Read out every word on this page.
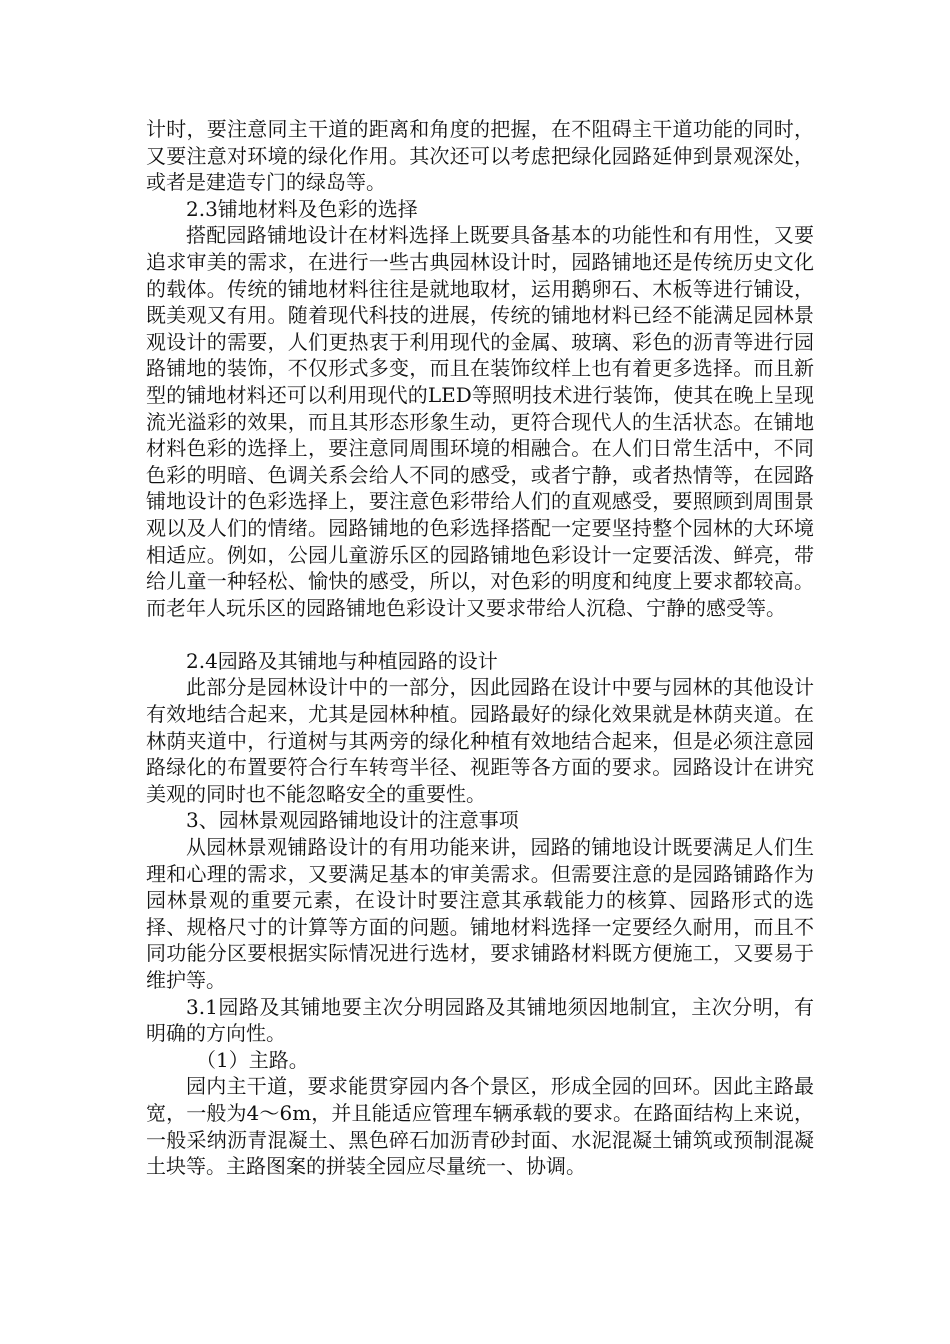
计时，要注意同主干道的距离和角度的把握，在不阻碍主干道功能的同时，又要注意对环境的绿化作用。其次还可以考虑把绿化园路延伸到景观深处，或者是建造专门的绿岛等。

2.3铺地材料及色彩的选择

搭配园路铺地设计在材料选择上既要具备基本的功能性和有用性，又要追求审美的需求，在进行一些古典园林设计时，园路铺地还是传统历史文化的载体。传统的铺地材料往往是就地取材，运用鹅卵石、木板等进行铺设，既美观又有用。随着现代科技的进展，传统的铺地材料已经不能满足园林景观设计的需要，人们更热衷于利用现代的金属、玻璃、彩色的沥青等进行园路铺地的装饰，不仅形式多变，而且在装饰纹样上也有着更多选择。而且新型的铺地材料还可以利用现代的LED等照明技术进行装饰，使其在晚上呈现流光溢彩的效果，而且其形态形象生动，更符合现代人的生活状态。在铺地材料色彩的选择上，要注意同周围环境的相融合。在人们日常生活中，不同色彩的明暗、色调关系会给人不同的感受，或者宁静，或者热情等，在园路铺地设计的色彩选择上，要注意色彩带给人们的直观感受，要照顾到周围景观以及人们的情绪。园路铺地的色彩选择搭配一定要坚持整个园林的大环境相适应。例如，公园儿童游乐区的园路铺地色彩设计一定要活泼、鲜亮，带给儿童一种轻松、愉快的感受，所以，对色彩的明度和纯度上要求都较高。而老年人玩乐区的园路铺地色彩设计又要求带给人沉稳、宁静的感受等。

2.4园路及其铺地与种植园路的设计

此部分是园林设计中的一部分，因此园路在设计中要与园林的其他设计有效地结合起来，尤其是园林种植。园路最好的绿化效果就是林荫夹道。在林荫夹道中，行道树与其两旁的绿化种植有效地结合起来，但是必须注意园路绿化的布置要符合行车转弯半径、视距等各方面的要求。园路设计在讲究美观的同时也不能忽略安全的重要性。

3、园林景观园路铺地设计的注意事项

从园林景观铺路设计的有用功能来讲，园路的铺地设计既要满足人们生理和心理的需求，又要满足基本的审美需求。但需要注意的是园路铺路作为园林景观的重要元素，在设计时要注意其承载能力的核算、园路形式的选择、规格尺寸的计算等方面的问题。铺地材料选择一定要经久耐用，而且不同功能分区要根据实际情况进行选材，要求铺路材料既方便施工，又要易于维护等。

3.1园路及其铺地要主次分明园路及其铺地须因地制宜，主次分明，有明确的方向性。

（1）主路。

园内主干道，要求能贯穿园内各个景区，形成全园的回环。因此主路最宽，一般为4～6m，并且能适应管理车辆承载的要求。在路面结构上来说，一般采纳沥青混凝土、黑色碎石加沥青砂封面、水泥混凝土铺筑或预制混凝土块等。主路图案的拼装全园应尽量统一、协调。
